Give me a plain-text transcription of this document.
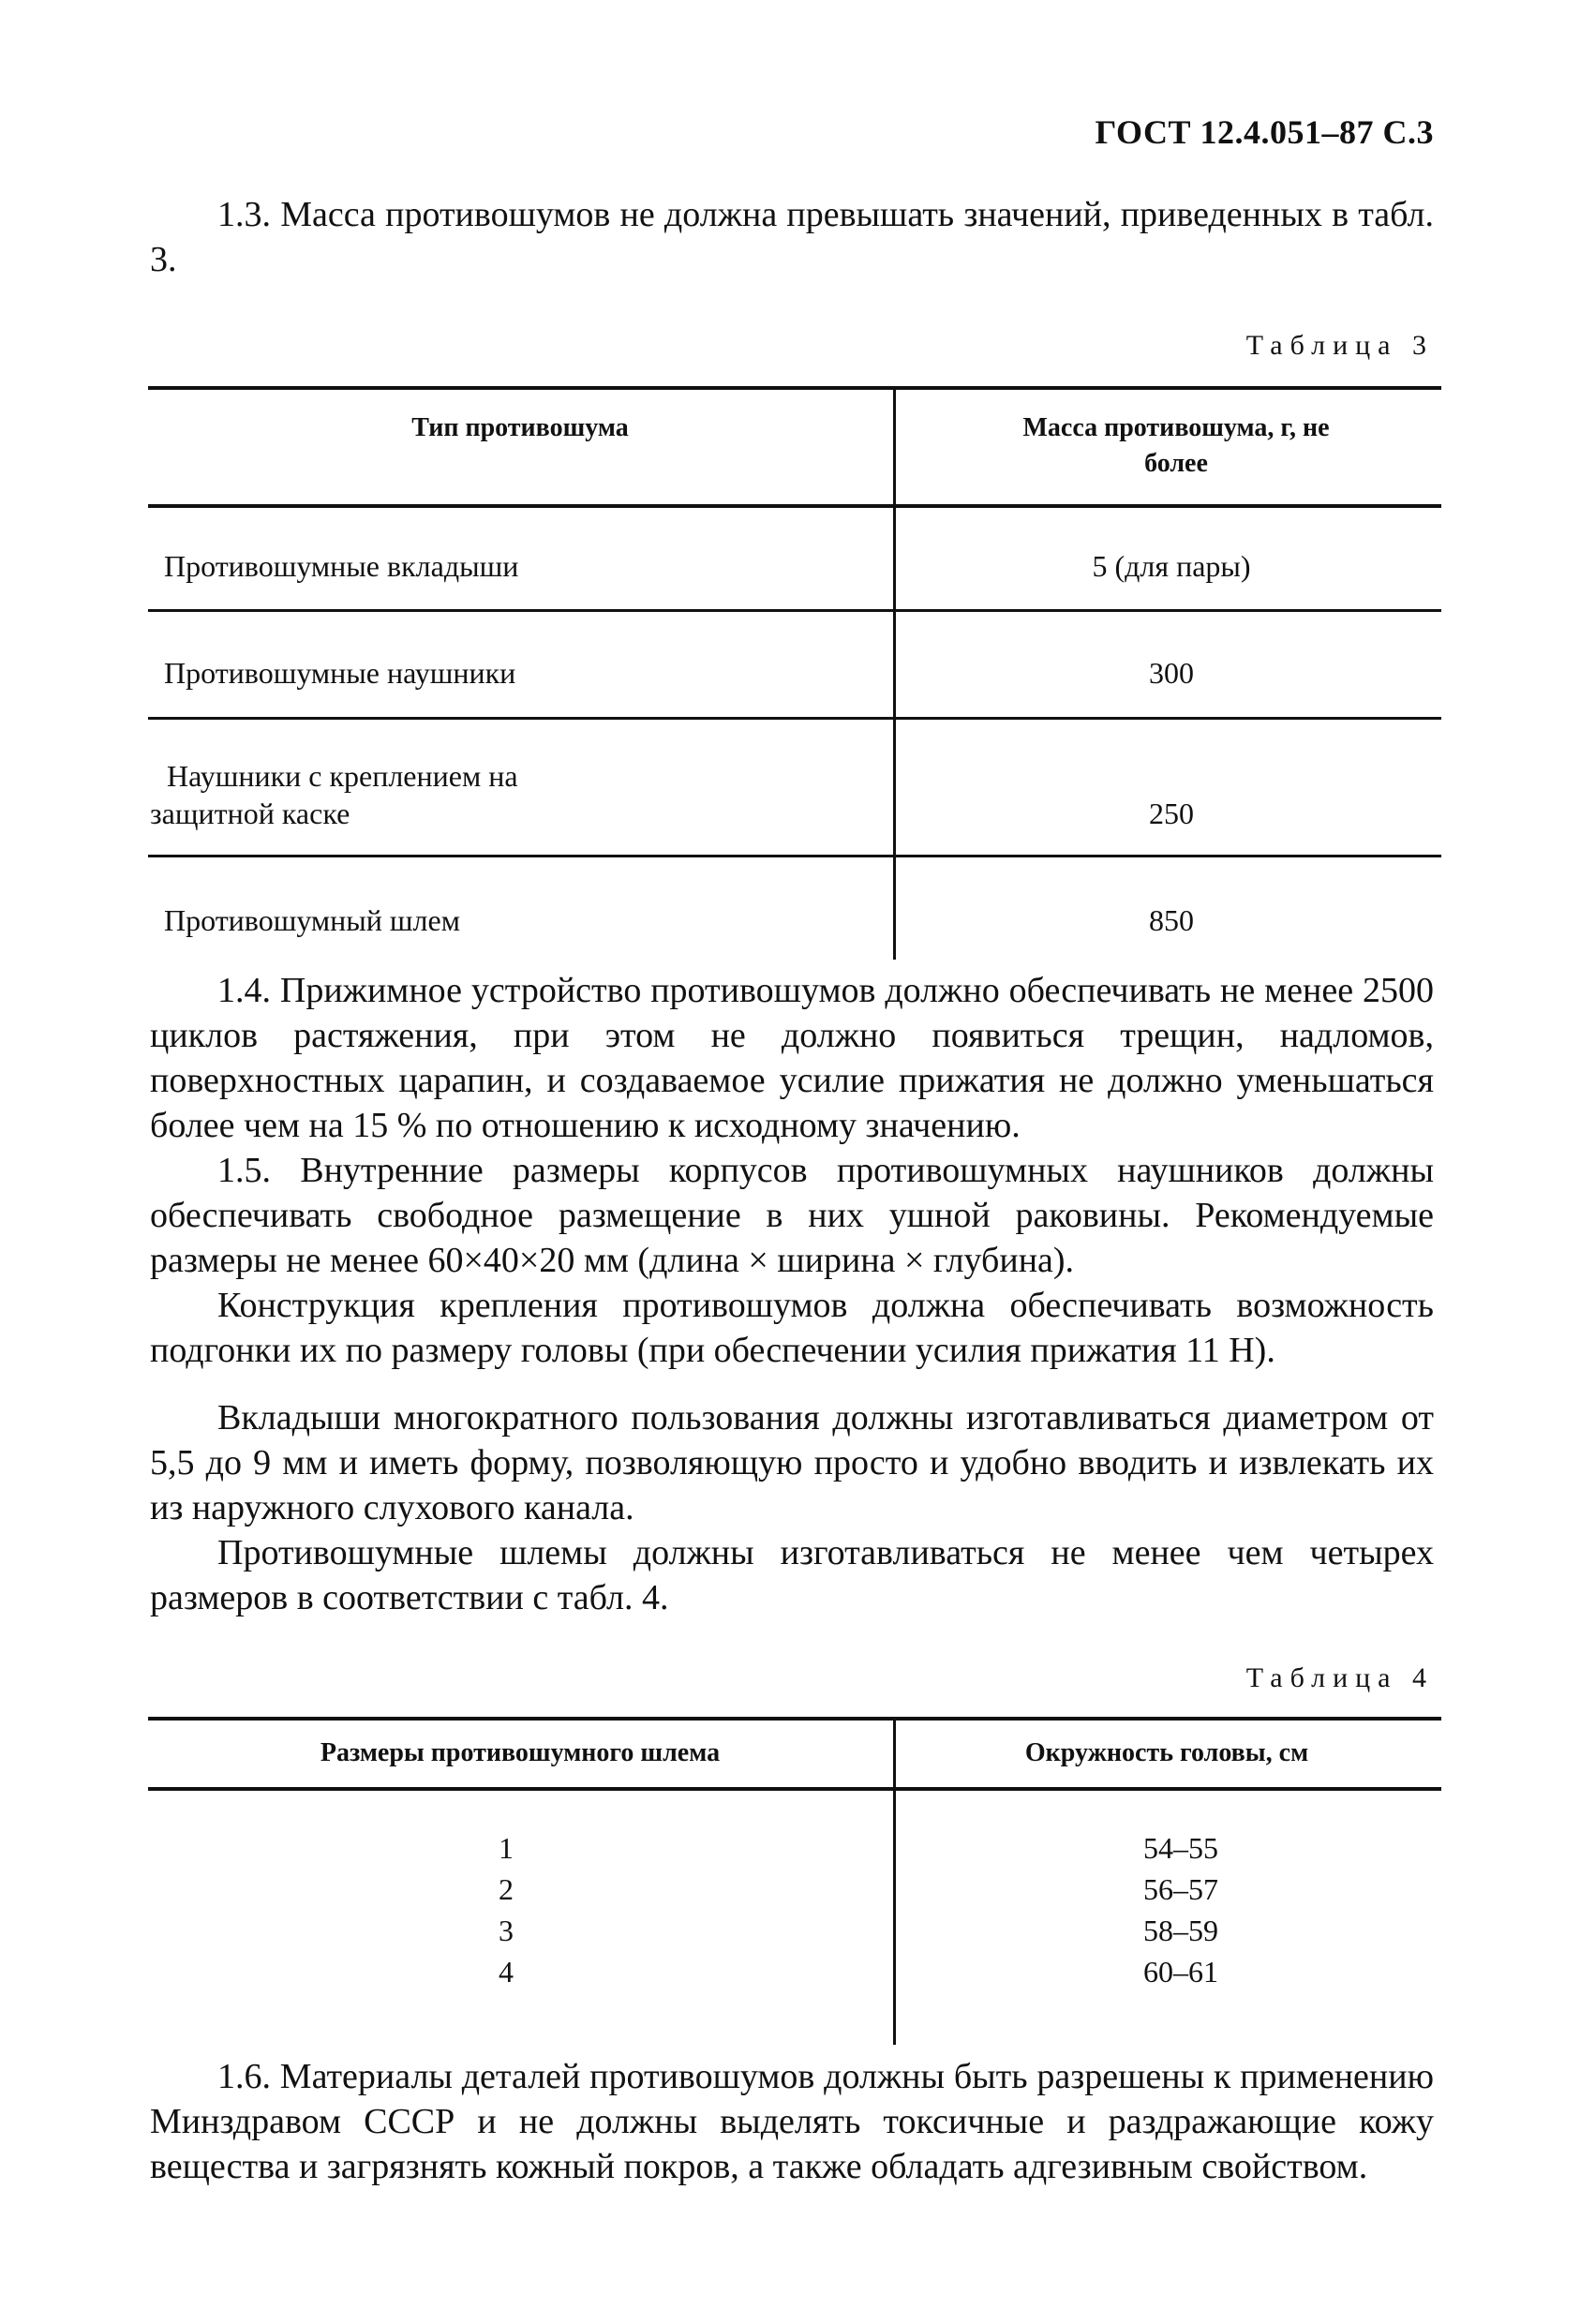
ГОСТ 12.4.051–87 С.3

1.3. Масса противошумов не должна превышать значений, приведенных в табл. 3.

Таблица 3
Тип противошума	Масса противошума, г, не более
Противошумные вкладыши	5 (для пары)
Противошумные наушники	300
Наушники с креплением на защитной каске	250
Противошумный шлем	850

1.4. Прижимное устройство противошумов должно обеспечивать не менее 2500 циклов растяжения, при этом не должно появиться трещин, надломов, поверхностных царапин, и создаваемое усилие прижатия не должно уменьшаться более чем на 15 % по отношению к исходному значению.

1.5. Внутренние размеры корпусов противошумных наушников должны обеспечивать свободное размещение в них ушной раковины. Рекомендуемые размеры не менее 60×40×20 мм (длина × ширина × глубина).

Конструкция крепления противошумов должна обеспечивать возможность подгонки их по размеру головы (при обеспечении усилия прижатия 11 Н).

Вкладыши многократного пользования должны изготавливаться диаметром от 5,5 до 9 мм и иметь форму, позволяющую просто и удобно вводить и извлекать их из наружного слухового канала.

Противошумные шлемы должны изготавливаться не менее чем четырех размеров в соответствии с табл. 4.

Таблица 4
Размеры противошумного шлема	Окружность головы, см
1	54–55
2	56–57
3	58–59
4	60–61

1.6. Материалы деталей противошумов должны быть разрешены к применению Минздравом СССР и не должны выделять токсичные и раздражающие кожу вещества и загрязнять кожный покров, а также обладать адгезивным свойством.
